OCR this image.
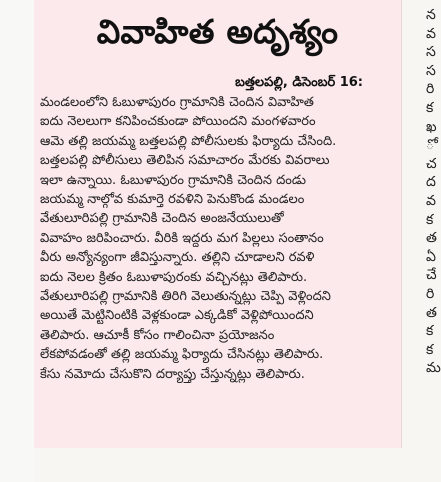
వివాహిత అదృశ్యం
బత్తలపల్లి, డిసెంబర్ 16:
మండలంలోని ఓబుళాపురం గ్రామానికి చెందిన వివాహిత
ఐదు నెలలుగా కనిపించకుండా పోయిందని మంగళవారం
ఆమె తల్లి జయమ్మ బత్తలపల్లి పోలీసులకు ఫిర్యాదు చేసింది.
బత్తలపల్లి పోలీసులు తెలిపిన సమాచారం మేరకు వివరాలు
ఇలా ఉన్నాయి. ఓబుళాపురం గ్రామానికి చెందిన దండు
జయమ్మ నాల్గోవ కుమార్తె రవళిని పెనుకొండ మండలం
వేతులూరిపల్లి గ్రామానికి చెందిన అంజనేయులుతో
వివాహం జరిపించారు. వీరికి ఇద్దరు మగ పిల్లలు సంతానం
వీరు అన్యోన్యంగా జీవిస్తున్నారు. తల్లిని చూడాలని రవళి
ఐదు నెలల క్రితం ఓబుళాపురంకు వచ్చినట్లు తెలిపారు.
వేతులూరిపల్లి గ్రామానికి తిరిగి వెలుతున్నట్లు చెప్పి వెళ్లిందని
అయితే మెట్టినింటికి వెళ్లకుండా ఎక్కడికో వెళ్లిపోయిందని
తెలిపారు. ఆచూకీ కోసం గాలించినా ప్రయోజనం
లేకపోవడంతో తల్లి జయమ్మ ఫిర్యాదు చేసినట్లు తెలిపారు.
కేసు నమోదు చేసుకొని దర్యాప్తు చేస్తున్నట్లు తెలిపారు.
న
వ
స
స
రి
క
ఖ
ో
చ
ద
వ
క
త
ఏ
చే
రి
త
క
క
మ
